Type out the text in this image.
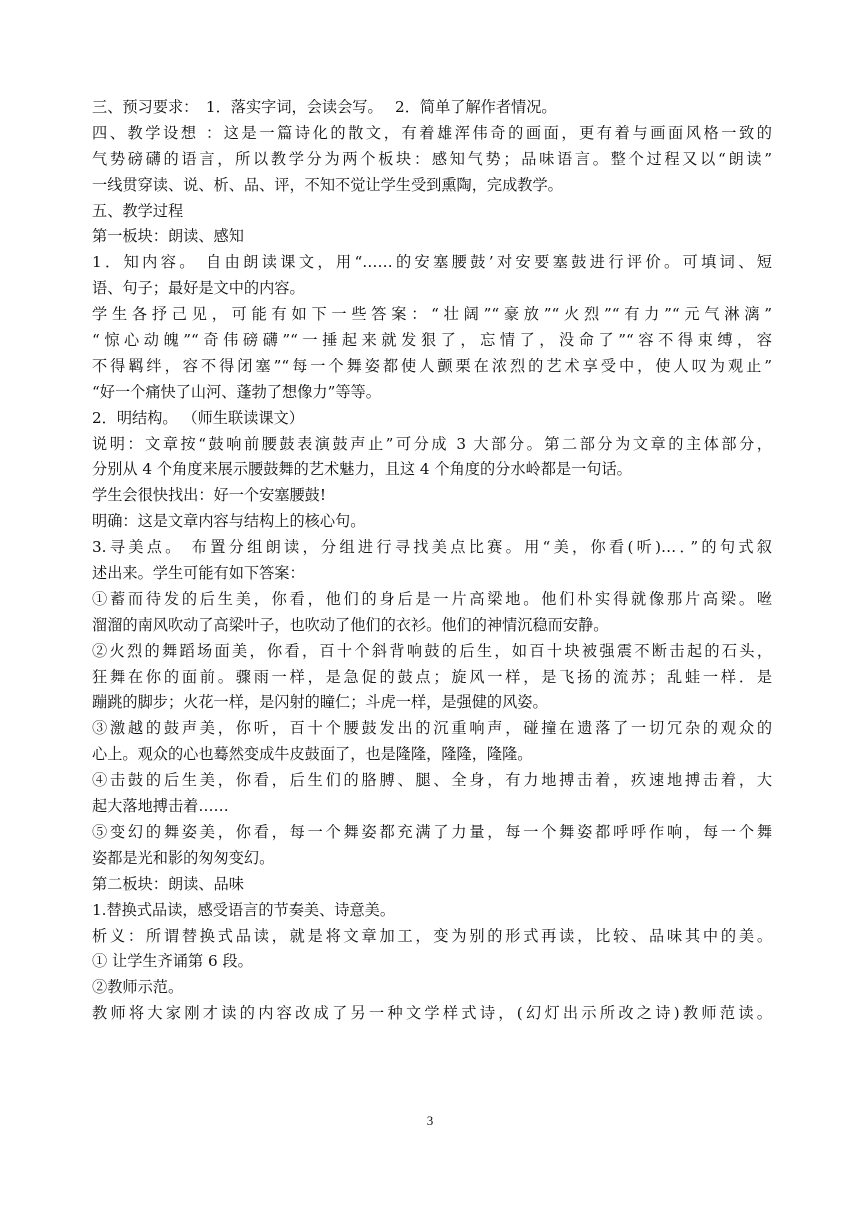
三、预习要求：　1．落实字词，会读会写。　 2．简单了解作者情况。
四、教学设想 ：这是一篇诗化的散文，有着雄浑伟奇的画面，更有着与画面风格一致的
气势磅礴的语言，所以教学分为两个板块：感知气势；品味语言。整个过程又以“朗读”
一线贯穿读、说、析、品、评，不知不觉让学生受到熏陶，完成教学。
五、教学过程
第一板块：朗读、感知
1．知内容。 自由朗读课文，用“……的安塞腰鼓’对安要塞鼓进行评价。可填词、短
语、句子；最好是文中的内容。
学生各抒己见，可能有如下一些答案：“壮阔”“豪放”“火烈”“有力”“元气淋漓”
“惊心动魄”“奇伟磅礴”“一捶起来就发狠了，忘情了，没命了”“容不得束缚，容
不得羁绊，容不得闭塞”“每一个舞姿都使人颤栗在浓烈的艺术享受中，使人叹为观止”
“好一个痛快了山河、蓬勃了想像力”等等。
2．明结构。 （师生联读课文）
说明：文章按“鼓响前腰鼓表演鼓声止”可分成 3 大部分。第二部分为文章的主体部分，
分别从 4 个角度来展示腰鼓舞的艺术魅力，且这 4 个角度的分水岭都是一句话。
学生会很快找出：好一个安塞腰鼓!
明确：这是文章内容与结构上的核心句。
3.寻美点。 布置分组朗读，分组进行寻找美点比赛。用“美，你看(听)…．”的句式叙
述出来。学生可能有如下答案：
①蓄而待发的后生美，你看，他们的身后是一片高梁地。他们朴实得就像那片高梁。咝
溜溜的南风吹动了高梁叶子，也吹动了他们的衣衫。他们的神情沉稳而安静。
②火烈的舞蹈场面美，你看，百十个斜背响鼓的后生，如百十块被强震不断击起的石头，
狂舞在你的面前。骤雨一样，是急促的鼓点；旋风一样，是飞扬的流苏；乱蛙一样．是
蹦跳的脚步；火花一样，是闪射的瞳仁；斗虎一样，是强健的风姿。
③激越的鼓声美，你听，百十个腰鼓发出的沉重响声，碰撞在遗落了一切冗杂的观众的
心上。观众的心也蓦然变成牛皮鼓面了，也是隆隆，隆隆，隆隆。
④击鼓的后生美，你看，后生们的胳膊、腿、全身，有力地搏击着，疚速地搏击着，大
起大落地搏击着……
⑤变幻的舞姿美，你看，每一个舞姿都充满了力量，每一个舞姿都呼呼作响，每一个舞
姿都是光和影的匆匆变幻。
第二板块：朗读、品味
1.替换式品读，感受语言的节奏美、诗意美。
析义：所谓替换式品读，就是将文章加工，变为别的形式再读，比较、品味其中的美。
① 让学生齐诵第 6 段。
②教师示范。
教师将大家刚才读的内容改成了另一种文学样式诗，(幻灯出示所改之诗)教师范读。
3
